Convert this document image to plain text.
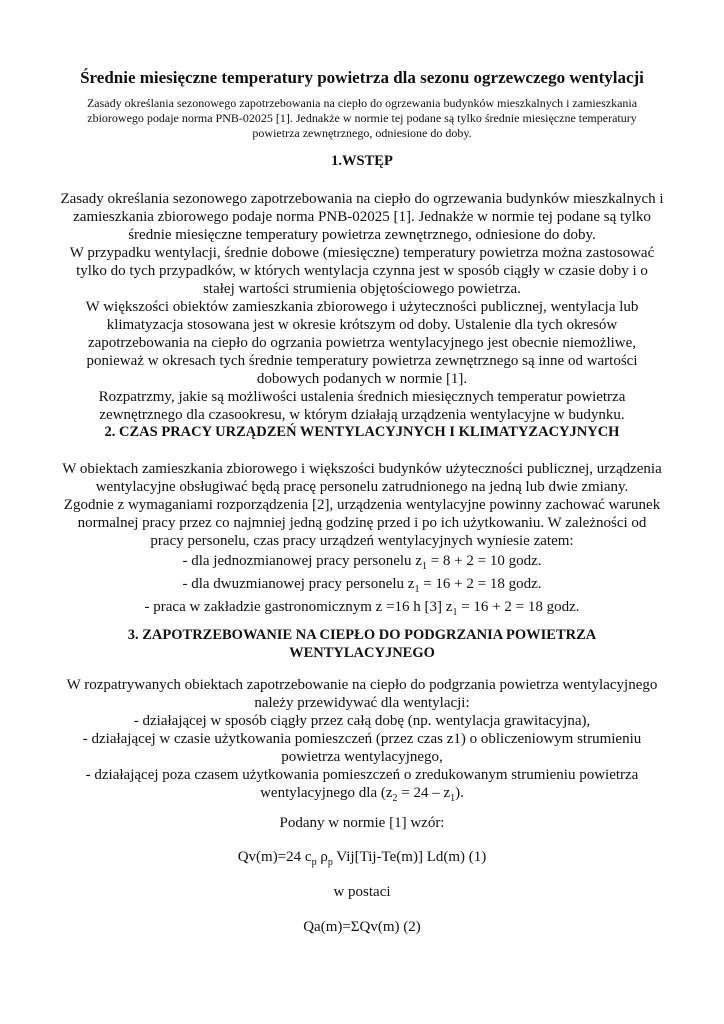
Średnie miesięczne temperatury powietrza dla sezonu ogrzewczego wentylacji

Zasady określania sezonowego zapotrzebowania na ciepło do ogrzewania budynków mieszkalnych i zamieszkania zbiorowego podaje norma PNB-02025 [1]. Jednakże w normie tej podane są tylko średnie miesięczne temperatury powietrza zewnętrznego, odniesione do doby.

1.WSTĘP

Zasady określania sezonowego zapotrzebowania na ciepło do ogrzewania budynków mieszkalnych i zamieszkania zbiorowego podaje norma PNB-02025 [1]. Jednakże w normie tej podane są tylko średnie miesięczne temperatury powietrza zewnętrznego, odniesione do doby.

W przypadku wentylacji, średnie dobowe (miesięczne) temperatury powietrza można zastosować tylko do tych przypadków, w których wentylacja czynna jest w sposób ciągły w czasie doby i o stałej wartości strumienia objętościowego powietrza.

W większości obiektów zamieszkania zbiorowego i użyteczności publicznej, wentylacja lub klimatyzacja stosowana jest w okresie krótszym od doby. Ustalenie dla tych okresów zapotrzebowania na ciepło do ogrzania powietrza wentylacyjnego jest obecnie niemożliwe, ponieważ w okresach tych średnie temperatury powietrza zewnętrznego są inne od wartości dobowych podanych w normie [1].

Rozpatrzmy, jakie są możliwości ustalenia średnich miesięcznych temperatur powietrza zewnętrznego dla czasookresu, w którym działają urządzenia wentylacyjne w budynku.

2. CZAS PRACY URZĄDZEŃ WENTYLACYJNYCH I KLIMATYZACYJNYCH

W obiektach zamieszkania zbiorowego i większości budynków użyteczności publicznej, urządzenia wentylacyjne obsługiwać będą pracę personelu zatrudnionego na jedną lub dwie zmiany.

Zgodnie z wymaganiami rozporządzenia [2], urządzenia wentylacyjne powinny zachować warunek normalnej pracy przez co najmniej jedną godzinę przed i po ich użytkowaniu. W zależności od pracy personelu, czas pracy urządzeń wentylacyjnych wyniesie zatem:

- dla jednozmianowej pracy personelu $z_1 = 8 + 2 = 10$ godz.

- dla dwuzmianowej pracy personelu $z_1 = 16 + 2 = 18$ godz.

- praca w zakładzie gastronomicznym z =16 h [3] $z_1 = 16 + 2 = 18$ godz.

3. ZAPOTRZEBOWANIE NA CIEPŁO DO PODGRZANIA POWIETRZA WENTYLACYJNEGO

W rozpatrywanych obiektach zapotrzebowanie na ciepło do podgrzania powietrza wentylacyjnego należy przewidywać dla wentylacji:

- działającej w sposób ciągły przez całą dobę (np. wentylacja grawitacyjna),

- działającej w czasie użytkowania pomieszczeń (przez czas z1) o obliczeniowym strumieniu powietrza wentylacyjnego,

- działającej poza czasem użytkowania pomieszczeń o zredukowanym strumieniu powietrza wentylacyjnego dla $(z_2 = 24 - z_1)$.

Podany w normie [1] wzór:

Qv(m)=24 $c_p$ $\rho_p$ Vij[Tij-Te(m)] Ld(m) (1)

w postaci

Qa(m)=ΣQv(m) (2)
